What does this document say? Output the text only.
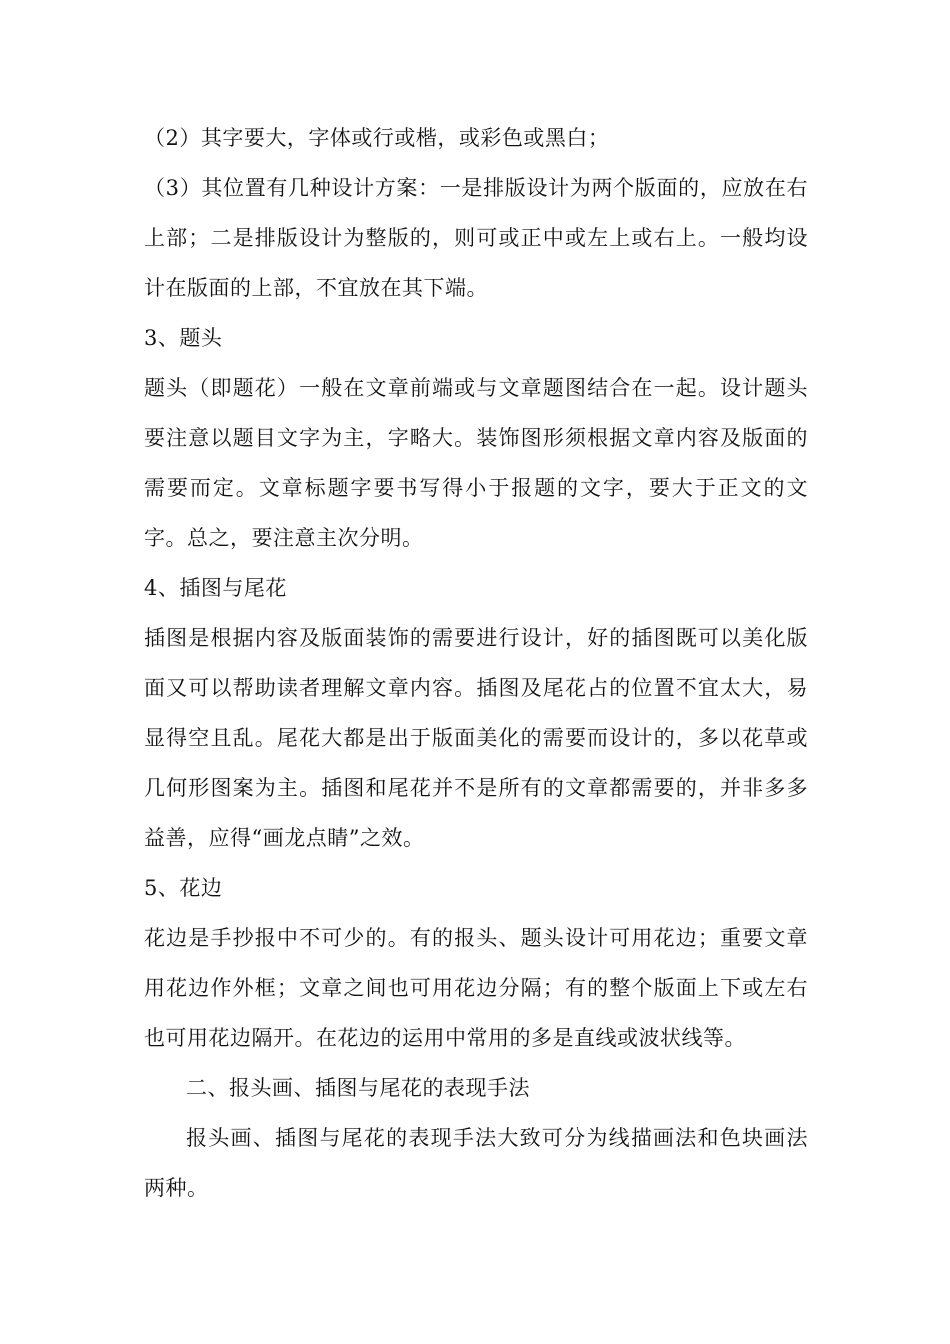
（2）其字要大，字体或行或楷，或彩色或黑白；

（3）其位置有几种设计方案：一是排版设计为两个版面的，应放在右上部；二是排版设计为整版的，则可或正中或左上或右上。一般均设计在版面的上部，不宜放在其下端。

3、题头

题头（即题花）一般在文章前端或与文章题图结合在一起。设计题头要注意以题目文字为主，字略大。装饰图形须根据文章内容及版面的需要而定。文章标题字要书写得小于报题的文字，要大于正文的文字。总之，要注意主次分明。

4、插图与尾花

插图是根据内容及版面装饰的需要进行设计，好的插图既可以美化版面又可以帮助读者理解文章内容。插图及尾花占的位置不宜太大，易显得空且乱。尾花大都是出于版面美化的需要而设计的，多以花草或几何形图案为主。插图和尾花并不是所有的文章都需要的，并非多多益善，应得“画龙点睛”之效。

5、花边

花边是手抄报中不可少的。有的报头、题头设计可用花边；重要文章用花边作外框；文章之间也可用花边分隔；有的整个版面上下或左右也可用花边隔开。在花边的运用中常用的多是直线或波状线等。

二、报头画、插图与尾花的表现手法

报头画、插图与尾花的表现手法大致可分为线描画法和色块画法两种。
